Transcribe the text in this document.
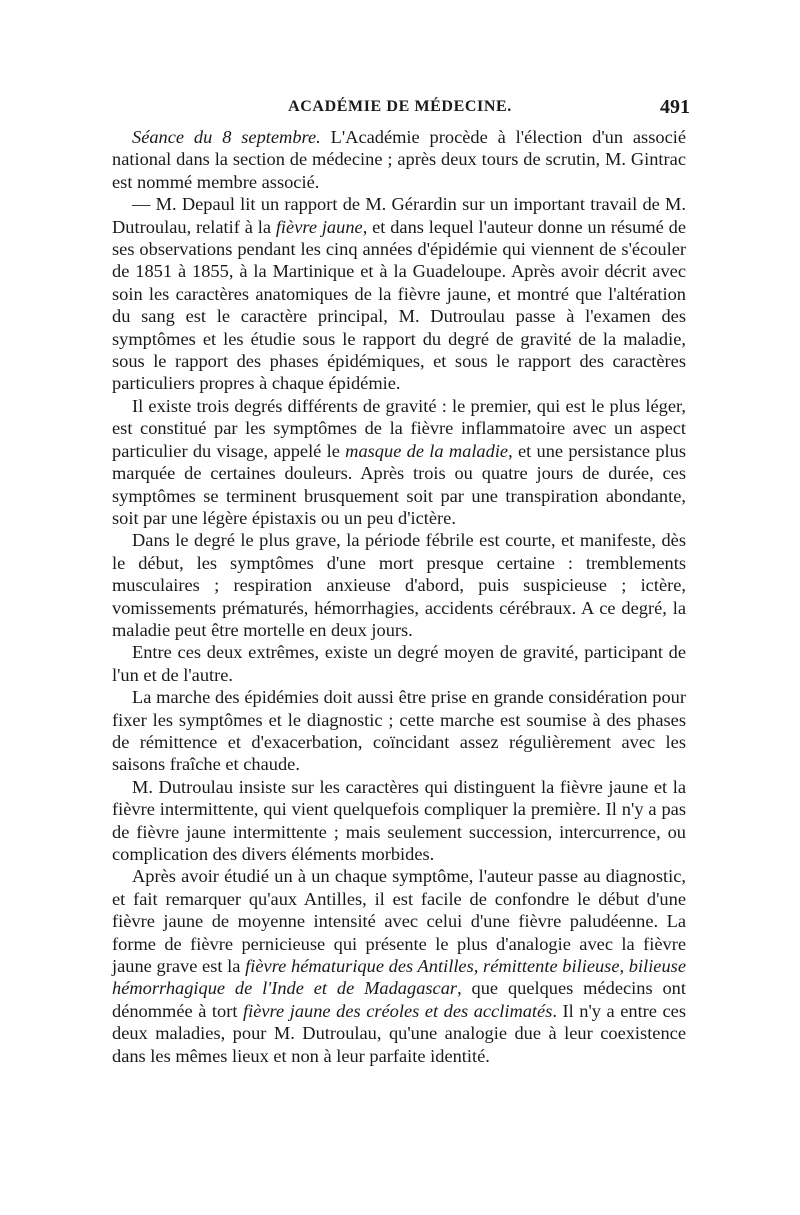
ACADÉMIE DE MÉDECINE.	491

Séance du 8 septembre. L'Académie procède à l'élection d'un associé national dans la section de médecine ; après deux tours de scrutin, M. Gintrac est nommé membre associé.

— M. Depaul lit un rapport de M. Gérardin sur un important travail de M. Dutroulau, relatif à la fièvre jaune, et dans lequel l'auteur donne un résumé de ses observations pendant les cinq années d'épidémie qui viennent de s'écouler de 1851 à 1855, à la Martinique et à la Guadeloupe. Après avoir décrit avec soin les caractères anatomiques de la fièvre jaune, et montré que l'altération du sang est le caractère principal, M. Dutroulau passe à l'examen des symptômes et les étudie sous le rapport du degré de gravité de la maladie, sous le rapport des phases épidémiques, et sous le rapport des caractères particuliers propres à chaque épidémie.

Il existe trois degrés différents de gravité : le premier, qui est le plus léger, est constitué par les symptômes de la fièvre inflammatoire avec un aspect particulier du visage, appelé le masque de la maladie, et une persistance plus marquée de certaines douleurs. Après trois ou quatre jours de durée, ces symptômes se terminent brusquement soit par une transpiration abondante, soit par une légère épistaxis ou un peu d'ictère.

Dans le degré le plus grave, la période fébrile est courte, et manifeste, dès le début, les symptômes d'une mort presque certaine : tremblements musculaires ; respiration anxieuse d'abord, puis suspicieuse ; ictère, vomissements prématurés, hémorrhagies, accidents cérébraux. A ce degré, la maladie peut être mortelle en deux jours.

Entre ces deux extrêmes, existe un degré moyen de gravité, participant de l'un et de l'autre.

La marche des épidémies doit aussi être prise en grande considération pour fixer les symptômes et le diagnostic ; cette marche est soumise à des phases de rémittence et d'exacerbation, coïncidant assez régulièrement avec les saisons fraîche et chaude.

M. Dutroulau insiste sur les caractères qui distinguent la fièvre jaune et la fièvre intermittente, qui vient quelquefois compliquer la première. Il n'y a pas de fièvre jaune intermittente ; mais seulement succession, intercurrence, ou complication des divers éléments morbides.

Après avoir étudié un à un chaque symptôme, l'auteur passe au diagnostic, et fait remarquer qu'aux Antilles, il est facile de confondre le début d'une fièvre jaune de moyenne intensité avec celui d'une fièvre paludéenne. La forme de fièvre pernicieuse qui présente le plus d'analogie avec la fièvre jaune grave est la fièvre hématurique des Antilles, rémittente bilieuse, bilieuse hémorrhagique de l'Inde et de Madagascar, que quelques médecins ont dénommée à tort fièvre jaune des créoles et des acclimatés. Il n'y a entre ces deux maladies, pour M. Dutroulau, qu'une analogie due à leur coexistence dans les mêmes lieux et non à leur parfaite identité.
